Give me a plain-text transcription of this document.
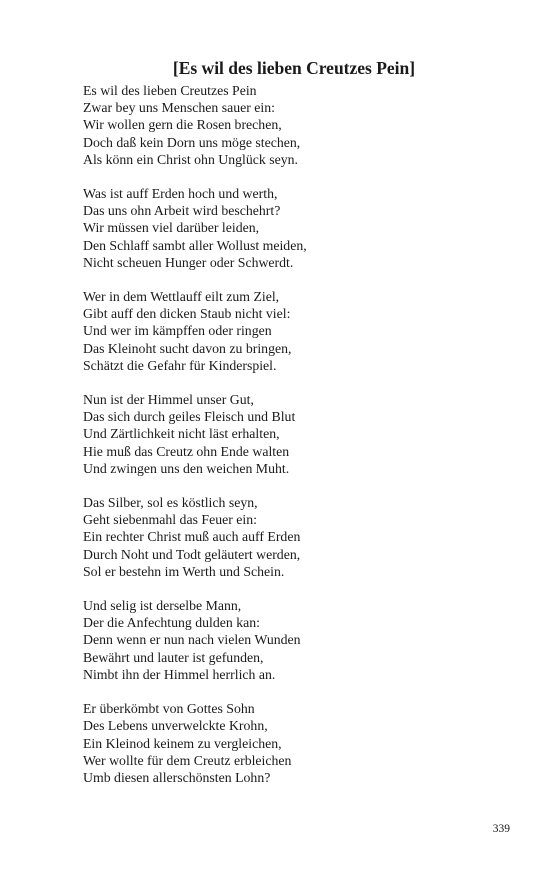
[Es wil des lieben Creutzes Pein]
Es wil des lieben Creutzes Pein
Zwar bey uns Menschen sauer ein:
Wir wollen gern die Rosen brechen,
Doch daß kein Dorn uns möge stechen,
Als könn ein Christ ohn Unglück seyn.
Was ist auff Erden hoch und werth,
Das uns ohn Arbeit wird beschehrt?
Wir müssen viel darüber leiden,
Den Schlaff sambt aller Wollust meiden,
Nicht scheuen Hunger oder Schwerdt.
Wer in dem Wettlauff eilt zum Ziel,
Gibt auff den dicken Staub nicht viel:
Und wer im kämpffen oder ringen
Das Kleinoht sucht davon zu bringen,
Schätzt die Gefahr für Kinderspiel.
Nun ist der Himmel unser Gut,
Das sich durch geiles Fleisch und Blut
Und Zärtlichkeit nicht läst erhalten,
Hie muß das Creutz ohn Ende walten
Und zwingen uns den weichen Muht.
Das Silber, sol es köstlich seyn,
Geht siebenmahl das Feuer ein:
Ein rechter Christ muß auch auff Erden
Durch Noht und Todt geläutert werden,
Sol er bestehn im Werth und Schein.
Und selig ist derselbe Mann,
Der die Anfechtung dulden kan:
Denn wenn er nun nach vielen Wunden
Bewährt und lauter ist gefunden,
Nimbt ihn der Himmel herrlich an.
Er überkömbt von Gottes Sohn
Des Lebens unverwelckte Krohn,
Ein Kleinod keinem zu vergleichen,
Wer wollte für dem Creutz erbleichen
Umb diesen allerschönsten Lohn?
339
